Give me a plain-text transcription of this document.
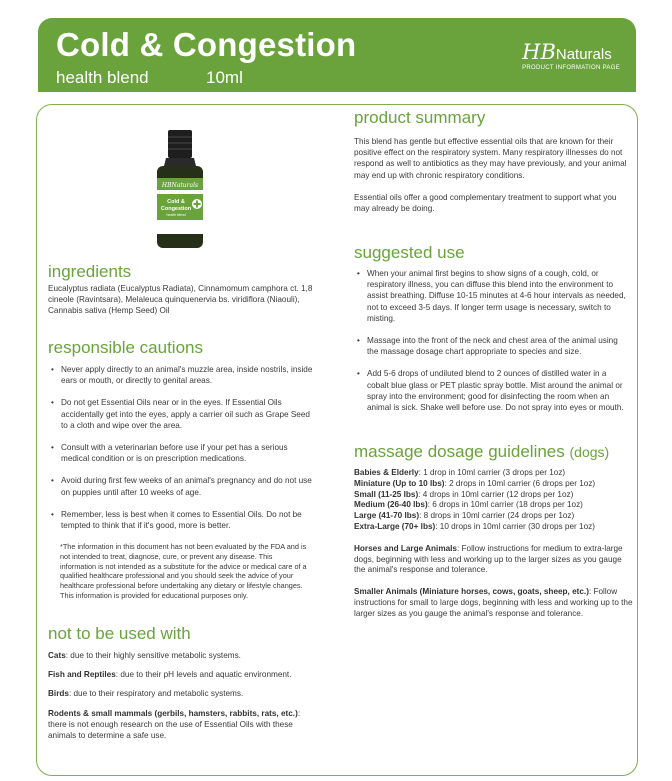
Cold & Congestion
health blend	10ml
HBNaturals
PRODUCT INFORMATION PAGE
HBNaturals
Cold &
Congestion
health blend
ingredients
Eucalyptus radiata (Eucalyptus Radiata), Cinnamomum camphora ct. 1,8 cineole (Ravintsara), Melaleuca quinquenervia bs. viridiflora (Niaouli), Cannabis sativa (Hemp Seed) Oil
responsible cautions
• Never apply directly to an animal's muzzle area, inside nostrils, inside ears or mouth, or directly to genital areas.
• Do not get Essential Oils near or in the eyes. If Essential Oils accidentally get into the eyes, apply a carrier oil such as Grape Seed to a cloth and wipe over the area.
• Consult with a veterinarian before use if your pet has a serious medical condition or is on prescription medications.
• Avoid during first few weeks of an animal's pregnancy and do not use on puppies until after 10 weeks of age.
• Remember, less is best when it comes to Essential Oils. Do not be tempted to think that if it's good, more is better.
*The information in this document has not been evaluated by the FDA and is not intended to treat, diagnose, cure, or prevent any disease. This information is not intended as a substitute for the advice or medical care of a qualified healthcare professional and you should seek the advice of your healthcare professional before undertaking any dietary or lifestyle changes. This information is provided for educational purposes only.
not to be used with

Cats: due to their highly sensitive metabolic systems.

Fish and Reptiles: due to their pH levels and aquatic environment.

Birds: due to their respiratory and metabolic systems.

Rodents & small mammals (gerbils, hamsters, rabbits, rats, etc.): there is not enough research on the use of Essential Oils with these animals to determine a safe use.

product summary

This blend has gentle but effective essential oils that are known for their positive effect on the respiratory system. Many respiratory illnesses do not respond as well to antibiotics as they may have previously, and your animal may end up with chronic respiratory conditions.

Essential oils offer a good complementary treatment to support what you may already be doing.

suggested use
• When your animal first begins to show signs of a cough, cold, or respiratory illness, you can diffuse this blend into the environment to assist breathing. Diffuse 10-15 minutes at 4-6 hour intervals as needed, not to exceed 3-5 days. If longer term usage is necessary, switch to misting.
• Massage into the front of the neck and chest area of the animal using the massage dosage chart appropriate to species and size.
• Add 5-6 drops of undiluted blend to 2 ounces of distilled water in a cobalt blue glass or PET plastic spray bottle. Mist around the animal or spray into the environment; good for disinfecting the room when an animal is sick. Shake well before use. Do not spray into eyes or mouth.
massage dosage guidelines (dogs)

Babies & Elderly: 1 drop in 10ml carrier (3 drops per 1oz)

Miniature (Up to 10 lbs): 2 drops in 10ml carrier (6 drops per 1oz)

Small (11-25 lbs): 4 drops in 10ml carrier (12 drops per 1oz)

Medium (26-40 lbs): 6 drops in 10ml carrier (18 drops per 1oz)

Large (41-70 lbs): 8 drops in 10ml carrier (24 drops per 1oz)

Extra-Large (70+ lbs): 10 drops in 10ml carrier (30 drops per 1oz)

Horses and Large Animals: Follow instructions for medium to extra-large dogs, beginning with less and working up to the larger sizes as you gauge the animal's response and tolerance.

Smaller Animals (Miniature horses, cows, goats, sheep, etc.): Follow instructions for small to large dogs, beginning with less and working up to the larger sizes as you gauge the animal's response and tolerance.
